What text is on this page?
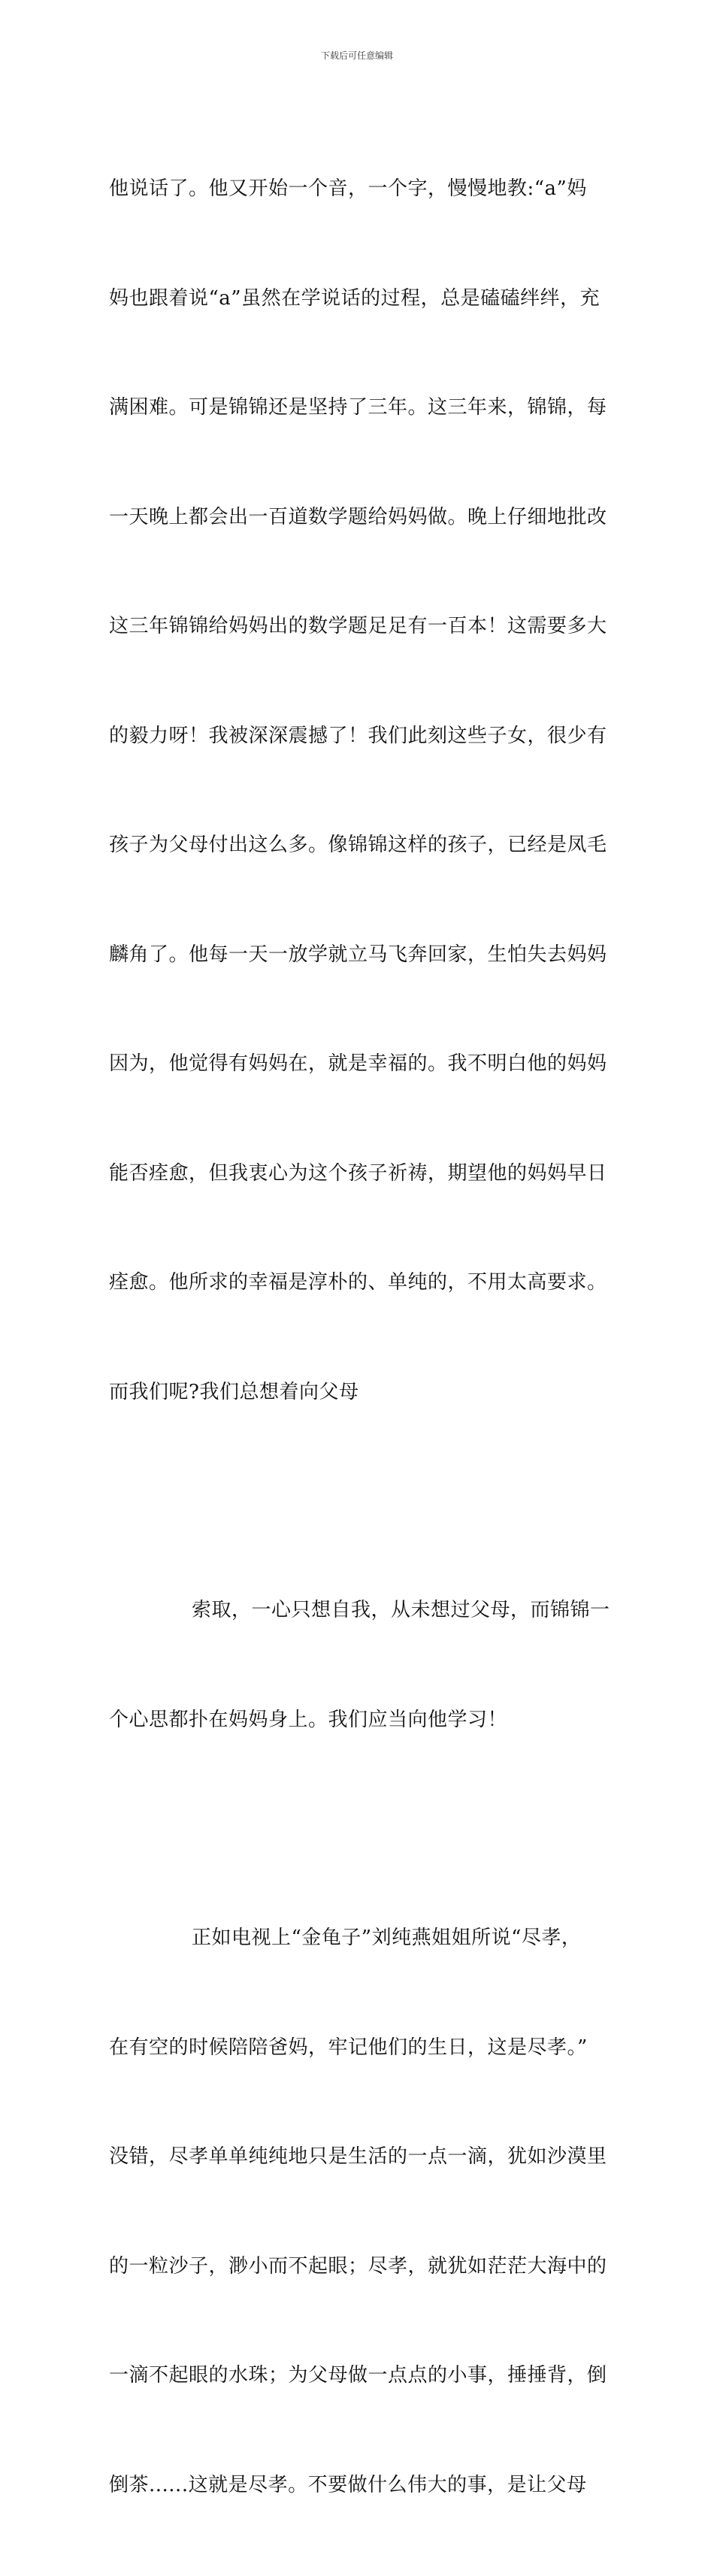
下载后可任意编辑

他说话了。他又开始一个音，一个字，慢慢地教:“a”妈

妈也跟着说“a”虽然在学说话的过程，总是磕磕绊绊，充

满困难。可是锦锦还是坚持了三年。这三年来，锦锦，每

一天晚上都会出一百道数学题给妈妈做。晚上仔细地批改

这三年锦锦给妈妈出的数学题足足有一百本！这需要多大

的毅力呀！我被深深震撼了！我们此刻这些子女，很少有

孩子为父母付出这么多。像锦锦这样的孩子，已经是凤毛

麟角了。他每一天一放学就立马飞奔回家，生怕失去妈妈

因为，他觉得有妈妈在，就是幸福的。我不明白他的妈妈

能否痊愈，但我衷心为这个孩子祈祷，期望他的妈妈早日

痊愈。他所求的幸福是淳朴的、单纯的，不用太高要求。

而我们呢?我们总想着向父母

索取，一心只想自我，从未想过父母，而锦锦一

个心思都扑在妈妈身上。我们应当向他学习！

正如电视上“金龟子”刘纯燕姐姐所说“尽孝，

在有空的时候陪陪爸妈，牢记他们的生日，这是尽孝。”

没错，尽孝单单纯纯地只是生活的一点一滴，犹如沙漠里

的一粒沙子，渺小而不起眼；尽孝，就犹如茫茫大海中的

一滴不起眼的水珠；为父母做一点点的小事，捶捶背，倒

倒茶......这就是尽孝。不要做什么伟大的事，是让父母
